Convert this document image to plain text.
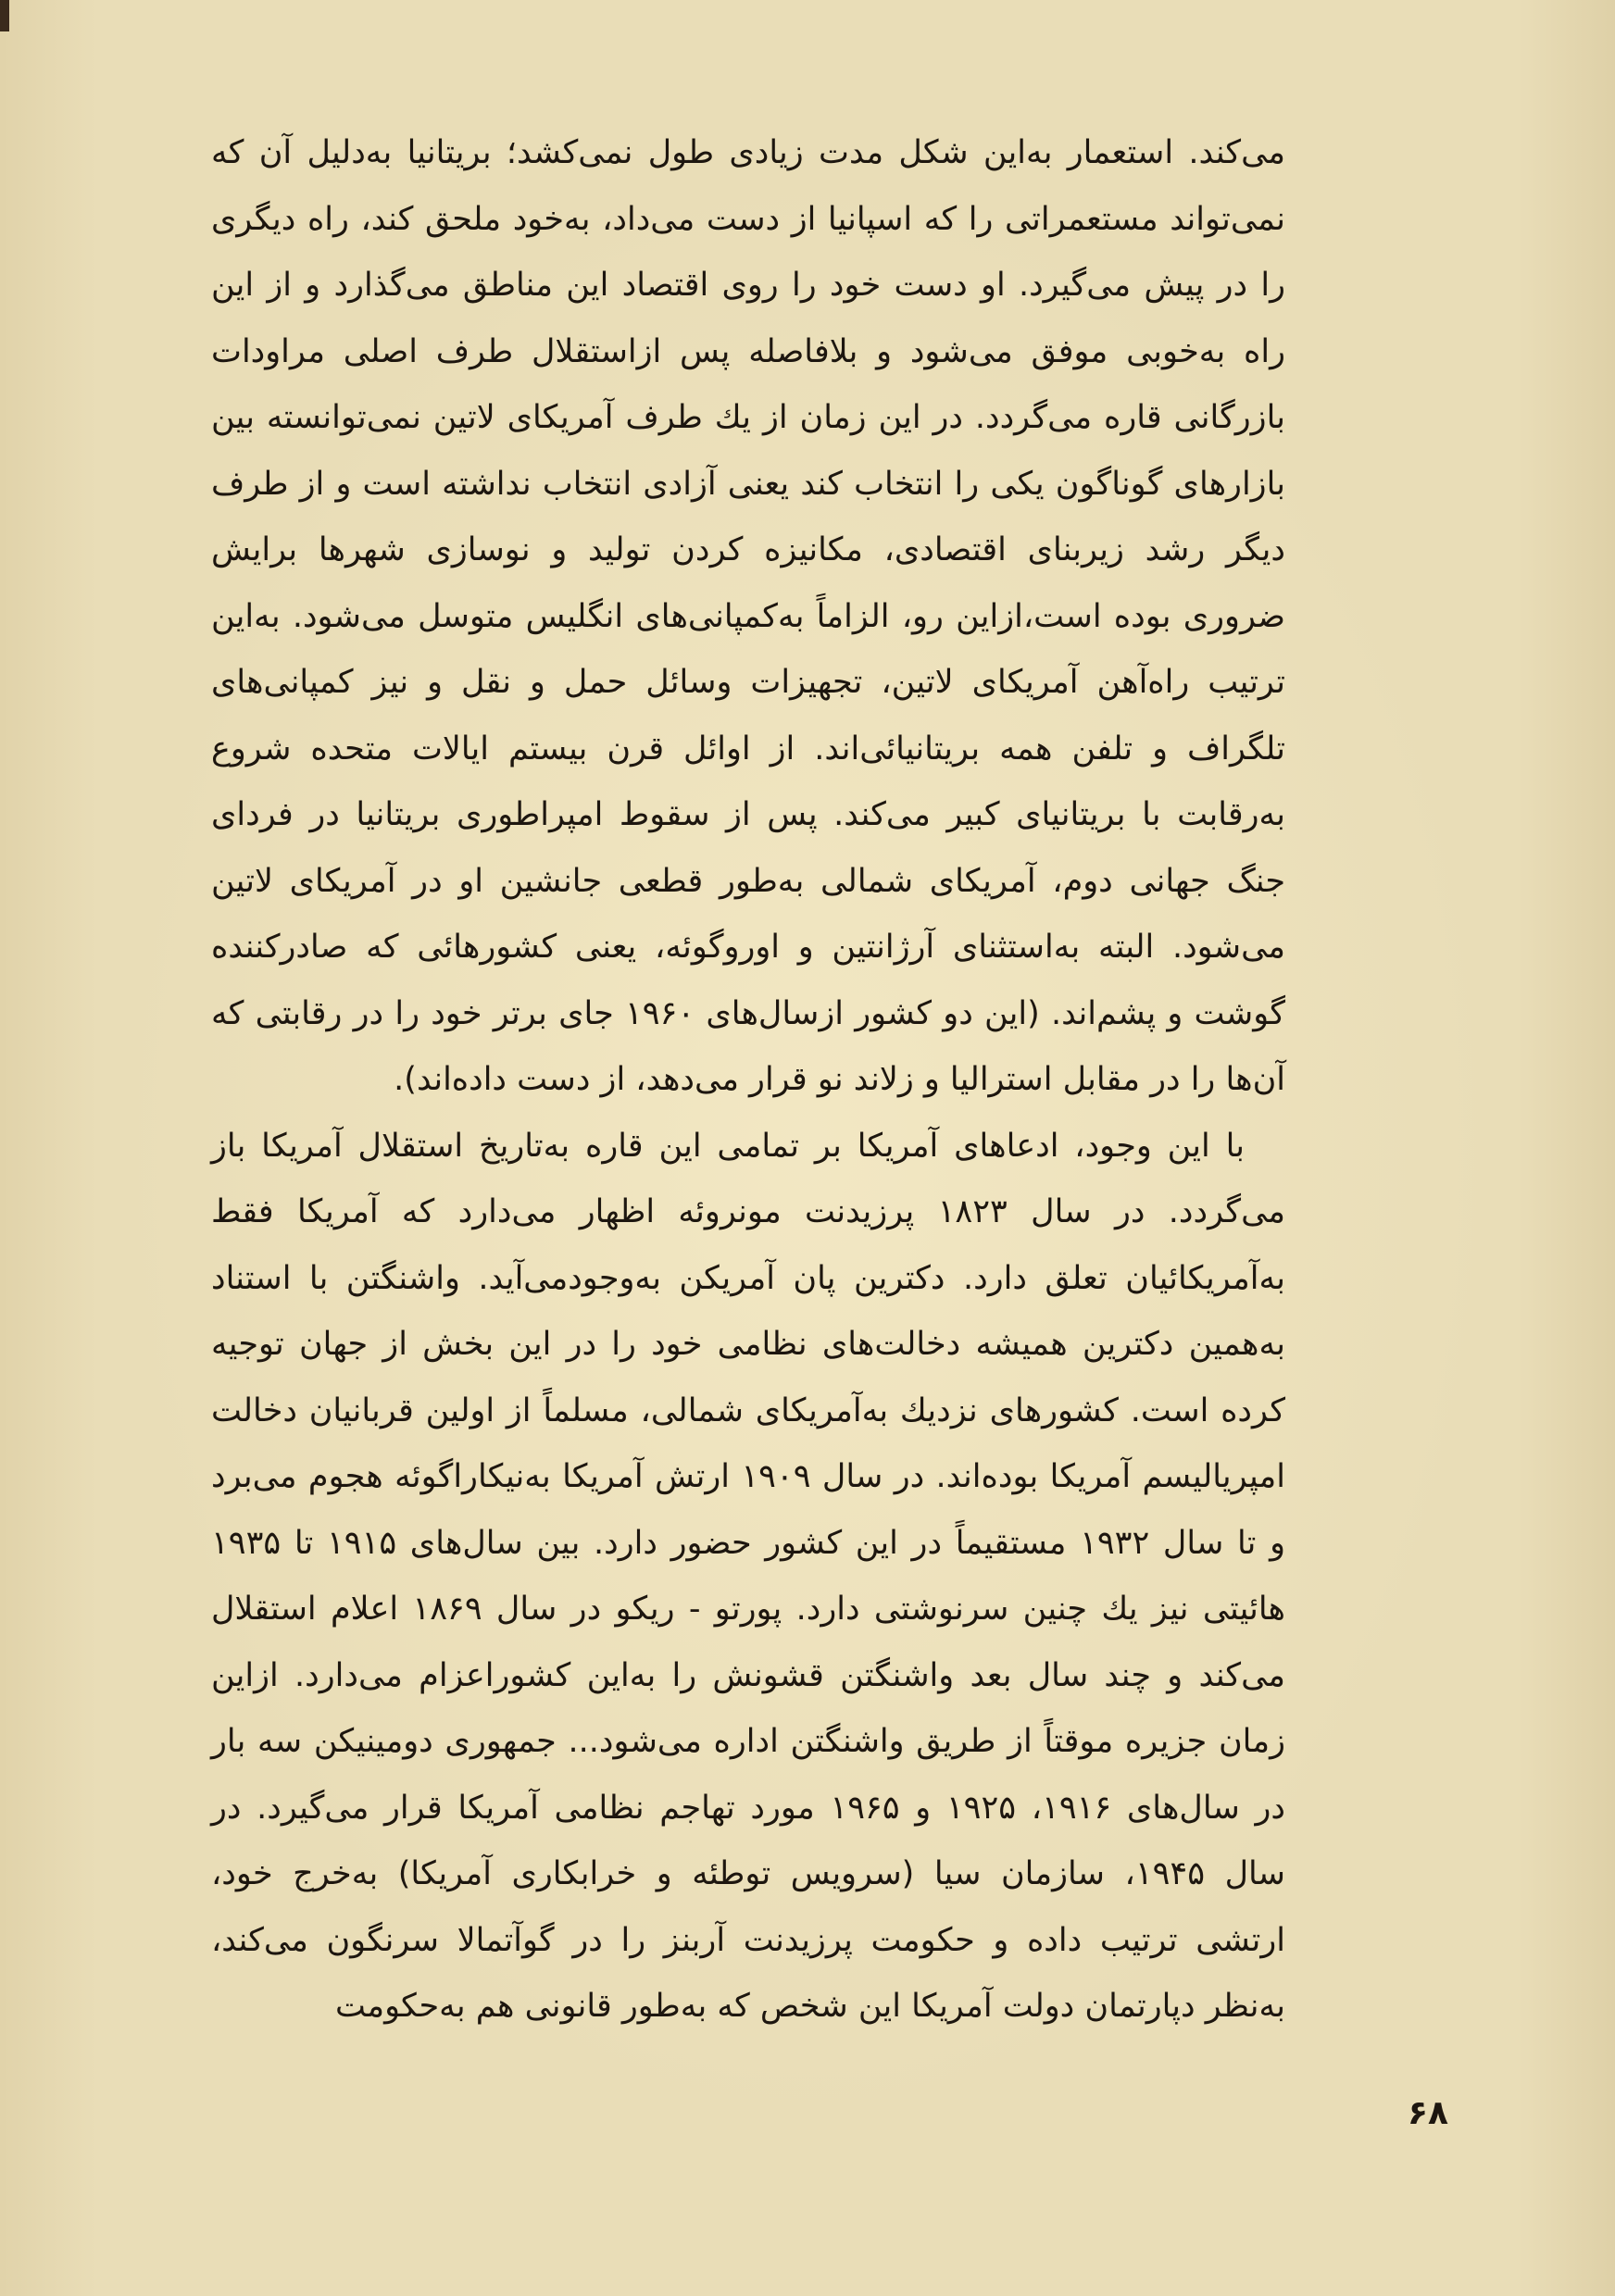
می‌کند. استعمار به‌این شکل مدت زیادی طول نمی‌کشد؛ بریتانیا به‌دلیل آن که نمی‌تواند مستعمراتی را که اسپانیا از دست می‌داد، به‌خود ملحق کند، راه دیگری را در پیش می‌گیرد. او دست خود را روی اقتصاد این مناطق می‌گذارد و از این راه به‌خوبی موفق می‌شود و بلافاصله پس ازاستقلال طرف اصلی مراودات بازرگانی قاره می‌گردد. در این زمان از یك طرف آمریکای لاتین نمی‌توانسته بین بازارهای گوناگون یکی را انتخاب کند یعنی آزادی انتخاب نداشته است و از طرف دیگر رشد زیربنای اقتصادی، مکانیزه کردن تولید و نوسازی شهرها برایش ضروری بوده است،ازاین رو، الزاماً به‌کمپانی‌های انگلیس متوسل می‌شود. به‌این ترتیب راه‌آهن آمریکای لاتین، تجهیزات وسائل حمل و نقل و نیز کمپانی‌های تلگراف و تلفن همه بریتانیائی‌اند. از اوائل قرن بیستم ایالات متحده شروع به‌رقابت با بریتانیای کبیر می‌کند. پس از سقوط امپراطوری بریتانیا در فردای جنگ جهانی دوم، آمریکای شمالی به‌طور قطعی جانشین او در آمریکای لاتین می‌شود. البته به‌استثنای آرژانتین و اوروگوئه، یعنی کشورهائی که صادرکننده گوشت و پشم‌اند. (این دو کشور ازسال‌های ۱۹۶۰ جای برتر خود را در رقابتی که آن‌ها را در مقابل استرالیا و زلاند نو قرار می‌دهد، از دست داده‌اند).

با این وجود، ادعاهای آمریکا بر تمامی این قاره به‌تاریخ استقلال آمریکا باز می‌گردد. در سال ۱۸۲۳ پرزیدنت مونروئه اظهار می‌دارد که آمریکا فقط به‌آمریکائیان تعلق دارد. دکترین پان آمریکن به‌وجودمی‌آید. واشنگتن با استناد به‌همین دکترین همیشه دخالت‌های نظامی خود را در این بخش از جهان توجیه کرده است. کشورهای نزدیك به‌آمریکای شمالی، مسلماً از اولین قربانیان دخالت امپریالیسم آمریکا بوده‌اند. در سال ۱۹۰۹ ارتش آمریکا به‌نیکاراگوئه هجوم می‌برد و تا سال ۱۹۳۲ مستقیماً در این کشور حضور دارد. بین سال‌های ۱۹۱۵ تا ۱۹۳۵ هائیتی نیز یك چنین سرنوشتی دارد. پورتو - ریکو در سال ۱۸۶۹ اعلام استقلال می‌کند و چند سال بعد واشنگتن قشونش را به‌این کشوراعزام می‌دارد. ازاین زمان جزیره موقتاً از طریق واشنگتن اداره می‌شود... جمهوری دومینیکن سه بار در سال‌های ۱۹۱۶، ۱۹۲۵ و ۱۹۶۵ مورد تهاجم نظامی آمریکا قرار می‌گیرد. در سال ۱۹۴۵، سازمان سیا (سرویس توطئه و خرابکاری آمریکا) به‌خرج خود، ارتشی ترتیب داده و حکومت پرزیدنت آربنز را در گوآتمالا سرنگون می‌کند، به‌نظر دپارتمان دولت آمریکا این شخص که به‌طور قانونی هم به‌حکومت

۶۸
